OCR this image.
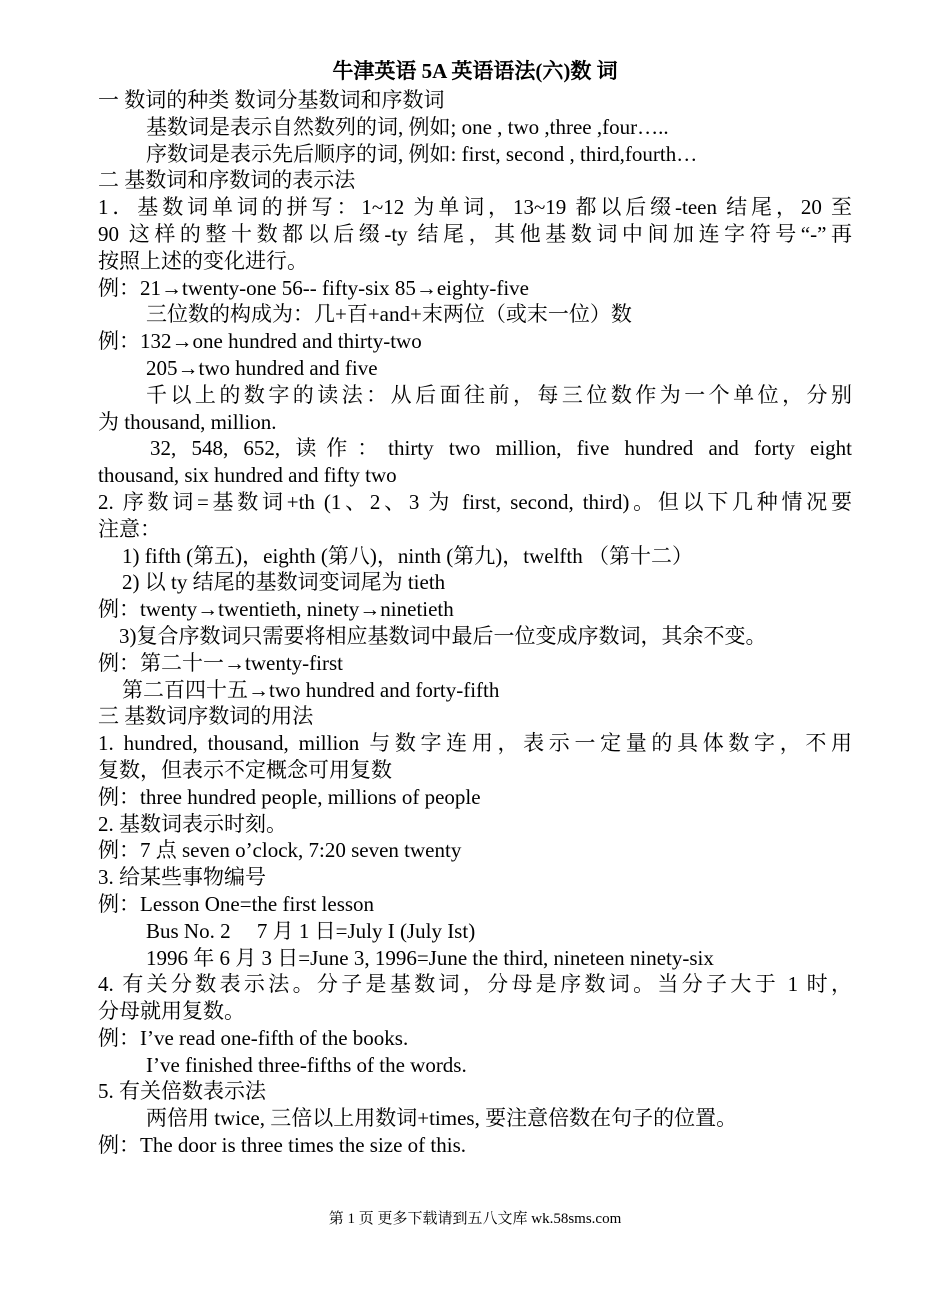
牛津英语 5A 英语语法(六)数 词
一 数词的种类 数词分基数词和序数词
基数词是表示自然数列的词, 例如; one , two ,three ,four…..
序数词是表示先后顺序的词, 例如: first, second , third,fourth…
二 基数词和序数词的表示法
1．基数词单词的拼写：1~12 为单词，13~19 都以后缀-teen 结尾，20 至
90 这样的整十数都以后缀-ty 结尾，其他基数词中间加连字符号“-”再
按照上述的变化进行。
例：21→twenty-one 56-- fifty-six 85→eighty-five
三位数的构成为：几+百+and+末两位（或末一位）数
例：132→one hundred and thirty-two
205→two hundred and five
千以上的数字的读法：从后面往前，每三位数作为一个单位，分别
为 thousand, million.
32, 548, 652, 读作：thirty two million, five hundred and forty eight
thousand, six hundred and fifty two
2. 序数词=基数词+th (1、2、3 为 first, second, third)。但以下几种情况要
注意：
1) fifth (第五)，eighth (第八)，ninth (第九)，twelfth （第十二）
2) 以 ty 结尾的基数词变词尾为 tieth
例：twenty→twentieth, ninety→ninetieth
3)复合序数词只需要将相应基数词中最后一位变成序数词，其余不变。
例：第二十一→twenty-first
第二百四十五→two hundred and forty-fifth
三 基数词序数词的用法
1. hundred, thousand, million 与数字连用，表示一定量的具体数字，不用
复数，但表示不定概念可用复数
例：three hundred people, millions of people
2. 基数词表示时刻。
例：7 点 seven o’clock, 7:20 seven twenty
3. 给某些事物编号
例：Lesson One=the first lesson
Bus No. 2     7 月 1 日=July I (July Ist)
1996 年 6 月 3 日=June 3, 1996=June the third, nineteen ninety-six
4. 有关分数表示法。分子是基数词，分母是序数词。当分子大于 1 时，
分母就用复数。
例：I’ve read one-fifth of the books.
I’ve finished three-fifths of the words.
5. 有关倍数表示法
两倍用 twice, 三倍以上用数词+times, 要注意倍数在句子的位置。
例：The door is three times the size of this.
第 1 页 更多下载请到五八文库 wk.58sms.com
